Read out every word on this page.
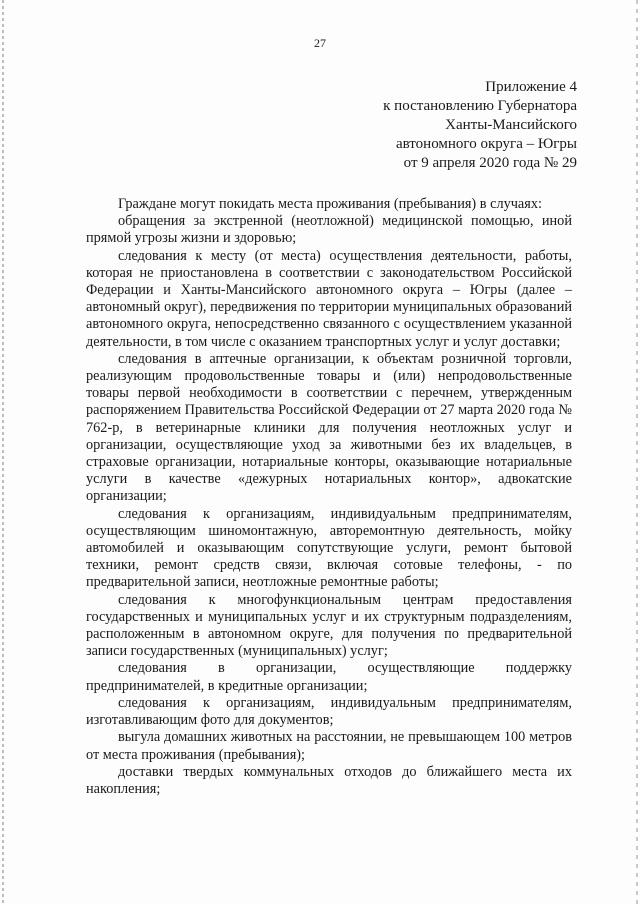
27
Приложение 4
к постановлению Губернатора
Ханты-Мансийского
автономного округа – Югры
от 9 апреля 2020 года № 29

Граждане могут покидать места проживания (пребывания) в случаях:

обращения за экстренной (неотложной) медицинской помощью, иной прямой угрозы жизни и здоровью;

следования к месту (от места) осуществления деятельности, работы, которая не приостановлена в соответствии с законодательством Российской Федерации и Ханты-Мансийского автономного округа – Югры (далее – автономный округ), передвижения по территории муниципальных образований автономного округа, непосредственно связанного с осуществлением указанной деятельности, в том числе с оказанием транспортных услуг и услуг доставки;

следования в аптечные организации, к объектам розничной торговли, реализующим продовольственные товары и (или) непродовольственные товары первой необходимости в соответствии с перечнем, утвержденным распоряжением Правительства Российской Федерации от 27 марта 2020 года № 762-р, в ветеринарные клиники для получения неотложных услуг и организации, осуществляющие уход за животными без их владельцев, в страховые организации, нотариальные конторы, оказывающие нотариальные услуги в качестве «дежурных нотариальных контор», адвокатские организации;

следования к организациям, индивидуальным предпринимателям, осуществляющим шиномонтажную, авторемонтную деятельность, мойку автомобилей и оказывающим сопутствующие услуги, ремонт бытовой техники, ремонт средств связи, включая сотовые телефоны, - по предварительной записи, неотложные ремонтные работы;

следования к многофункциональным центрам предоставления государственных и муниципальных услуг и их структурным подразделениям, расположенным в автономном округе, для получения по предварительной записи государственных (муниципальных) услуг;

следования в организации, осуществляющие поддержку предпринимателей, в кредитные организации;

следования к организациям, индивидуальным предпринимателям, изготавливающим фото для документов;

выгула домашних животных на расстоянии, не превышающем 100 метров от места проживания (пребывания);

доставки твердых коммунальных отходов до ближайшего места их накопления;
